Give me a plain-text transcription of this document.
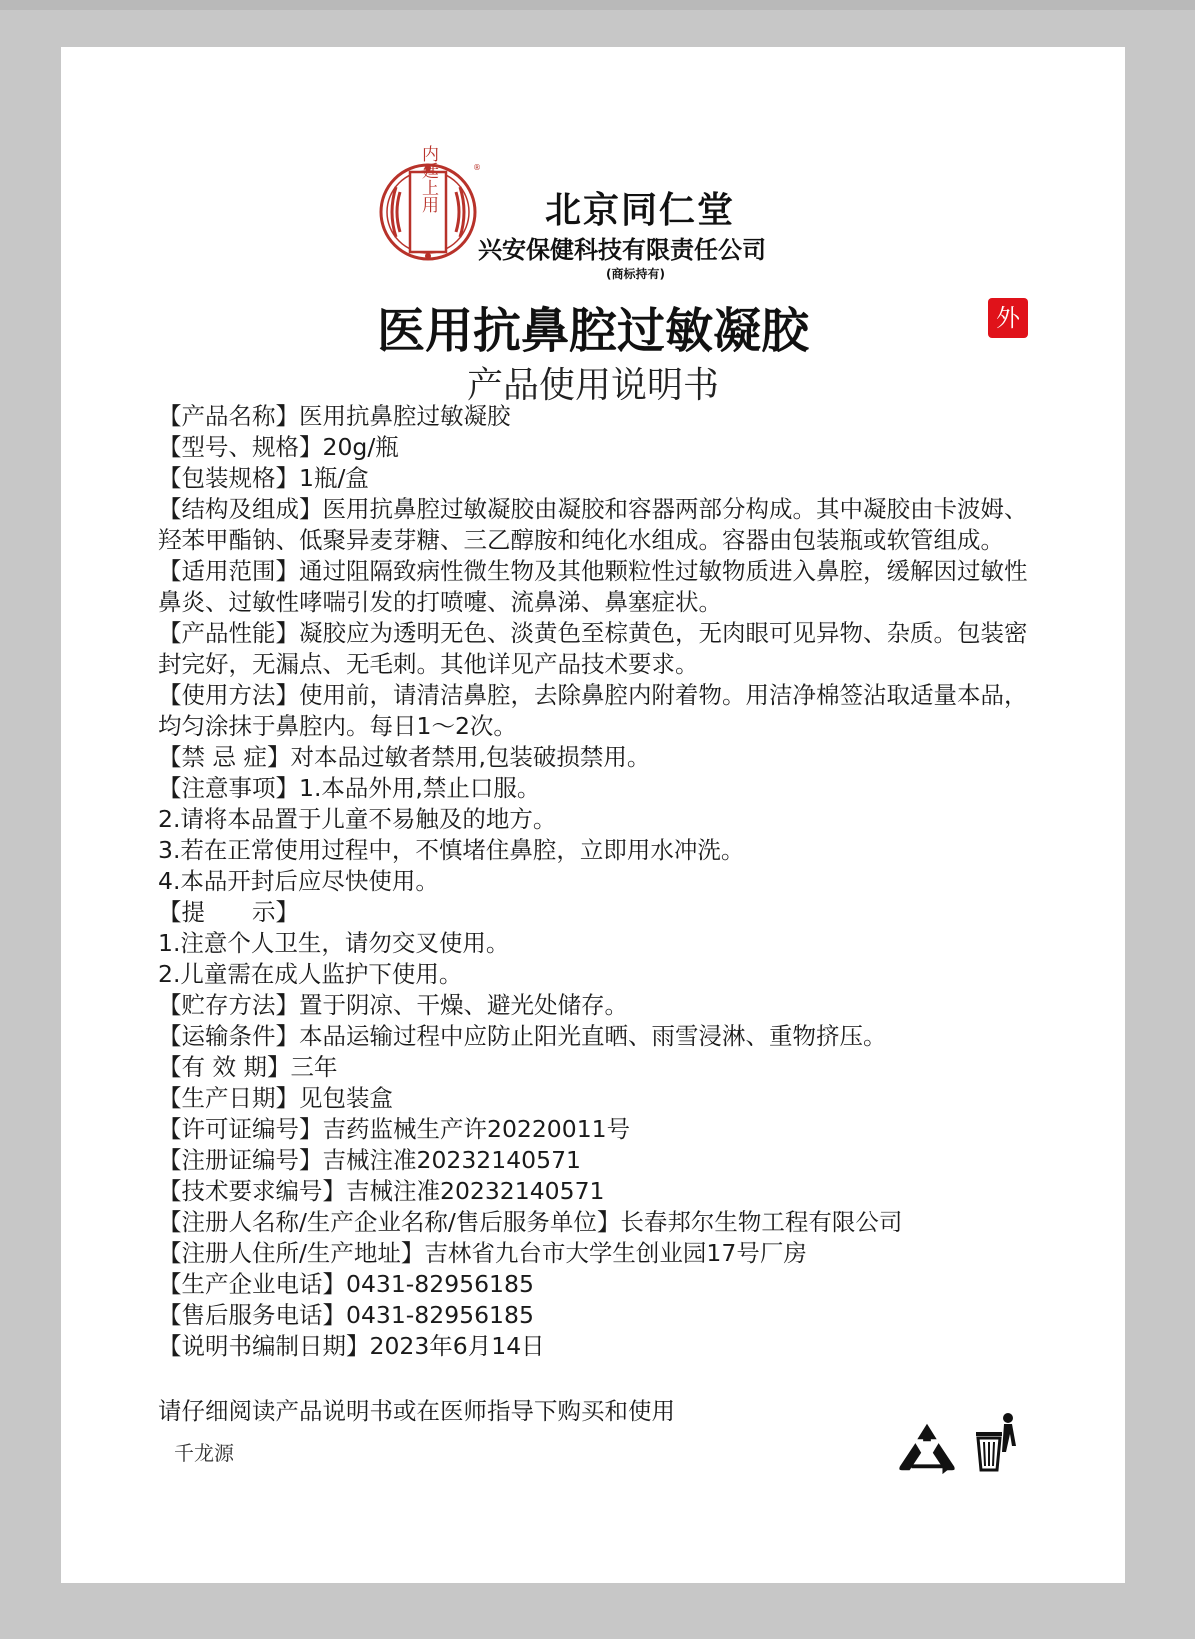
内廷上用	®
北京同仁堂
兴安保健科技有限责任公司
(商标持有)
医用抗鼻腔过敏凝胶	外
产品使用说明书

【产品名称】医用抗鼻腔过敏凝胶

【型号、规格】20g/瓶

【包装规格】1瓶/盒

【结构及组成】医用抗鼻腔过敏凝胶由凝胶和容器两部分构成。其中凝胶由卡波姆、羟苯甲酯钠、低聚异麦芽糖、三乙醇胺和纯化水组成。容器由包装瓶或软管组成。

【适用范围】通过阻隔致病性微生物及其他颗粒性过敏物质进入鼻腔，缓解因过敏性鼻炎、过敏性哮喘引发的打喷嚏、流鼻涕、鼻塞症状。

【产品性能】凝胶应为透明无色、淡黄色至棕黄色，无肉眼可见异物、杂质。包装密封完好，无漏点、无毛刺。其他详见产品技术要求。

【使用方法】使用前，请清洁鼻腔，去除鼻腔内附着物。用洁净棉签沾取适量本品，均匀涂抹于鼻腔内。每日1～2次。

【禁 忌 症】对本品过敏者禁用,包装破损禁用。

【注意事项】1.本品外用,禁止口服。

2.请将本品置于儿童不易触及的地方。

3.若在正常使用过程中，不慎堵住鼻腔，立即用水冲洗。

4.本品开封后应尽快使用。

【提　　示】

1.注意个人卫生，请勿交叉使用。

2.儿童需在成人监护下使用。

【贮存方法】置于阴凉、干燥、避光处储存。

【运输条件】本品运输过程中应防止阳光直晒、雨雪浸淋、重物挤压。

【有 效 期】三年

【生产日期】见包装盒

【许可证编号】吉药监械生产许20220011号

【注册证编号】吉械注准20232140571

【技术要求编号】吉械注准20232140571

【注册人名称/生产企业名称/售后服务单位】长春邦尔生物工程有限公司

【注册人住所/生产地址】吉林省九台市大学生创业园17号厂房

【生产企业电话】0431-82956185

【售后服务电话】0431-82956185

【说明书编制日期】2023年6月14日

请仔细阅读产品说明书或在医师指导下购买和使用
千龙源
